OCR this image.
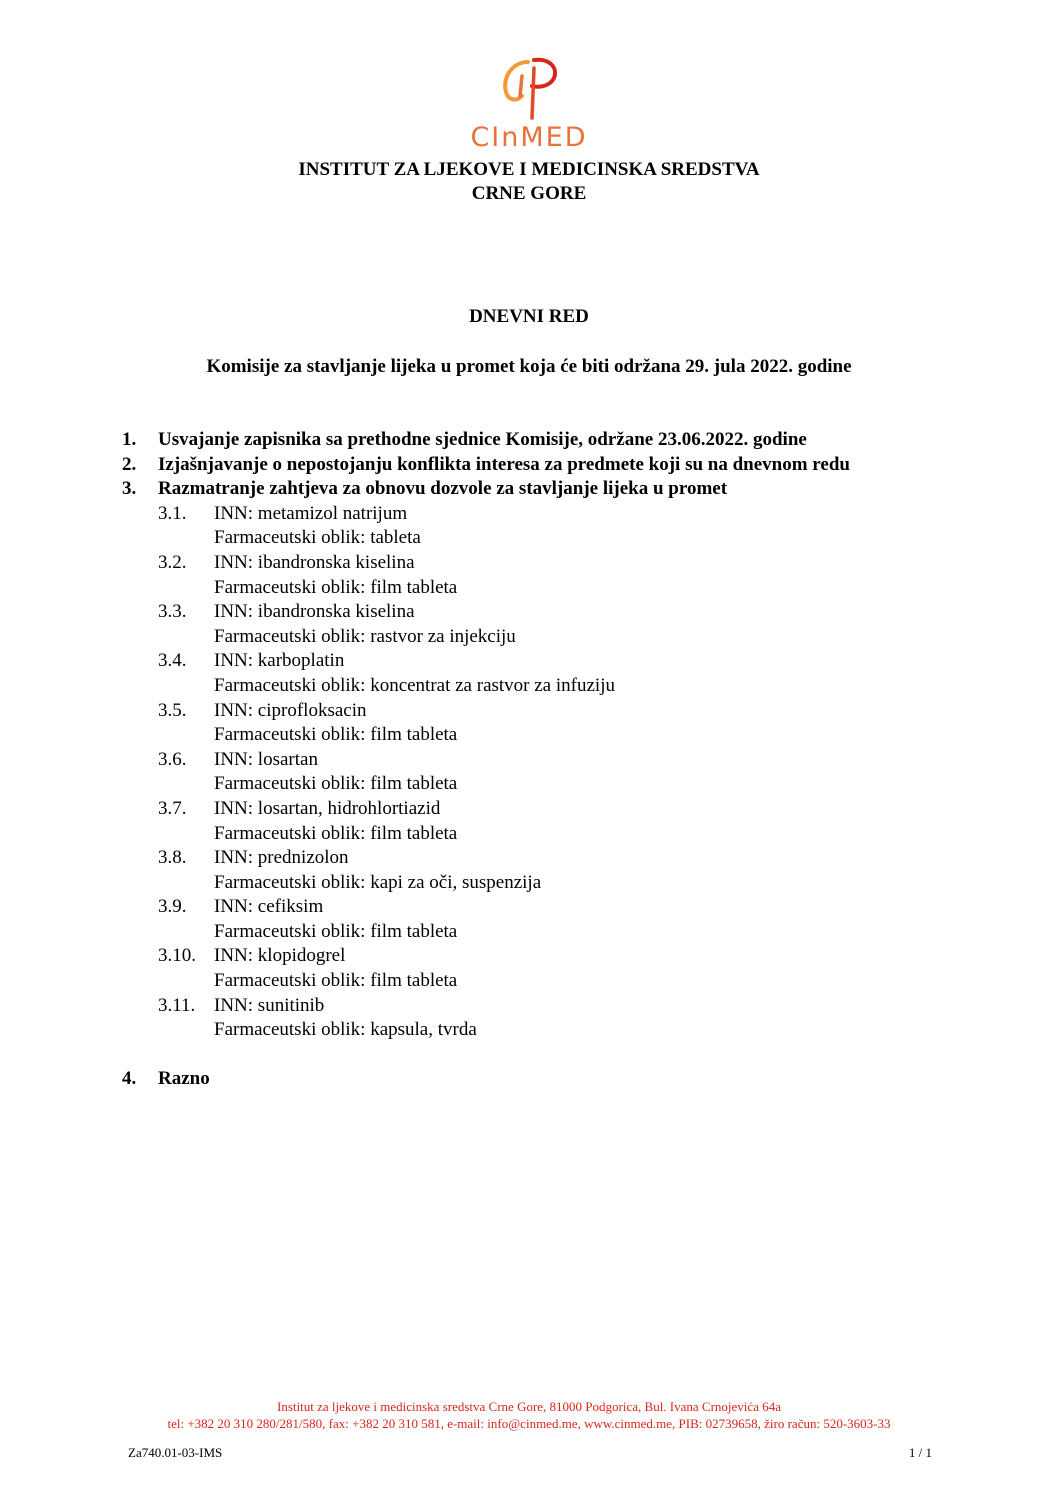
CInMED
INSTITUT ZA LJEKOVE I MEDICINSKA SREDSTVA
CRNE GORE
DNEVNI RED
Komisije za stavljanje lijeka u promet koja će biti održana 29. jula 2022. godine
1. Usvajanje zapisnika sa prethodne sjednice Komisije, održane 23.06.2022. godine
2. Izjašnjavanje o nepostojanju konflikta interesa za predmete koji su na dnevnom redu
3. Razmatranje zahtjeva za obnovu dozvole za stavljanje lijeka u promet
3.1. INN: metamizol natrijum
Farmaceutski oblik: tableta
3.2. INN: ibandronska kiselina
Farmaceutski oblik: film tableta
3.3. INN: ibandronska kiselina
Farmaceutski oblik: rastvor za injekciju
3.4. INN: karboplatin
Farmaceutski oblik: koncentrat za rastvor za infuziju
3.5. INN: ciprofloksacin
Farmaceutski oblik: film tableta
3.6. INN: losartan
Farmaceutski oblik: film tableta
3.7. INN: losartan, hidrohlortiazid
Farmaceutski oblik: film tableta
3.8. INN: prednizolon
Farmaceutski oblik: kapi za oči, suspenzija
3.9. INN: cefiksim
Farmaceutski oblik: film tableta
3.10. INN: klopidogrel
Farmaceutski oblik: film tableta
3.11. INN: sunitinib
Farmaceutski oblik: kapsula, tvrda
4. Razno
Institut za ljekove i medicinska sredstva Crne Gore, 81000 Podgorica, Bul. Ivana Crnojevića 64a
tel: +382 20 310 280/281/580, fax: +382 20 310 581, e-mail: info@cinmed.me, www.cinmed.me, PIB: 02739658, žiro račun: 520-3603-33
Za740.01-03-IMS	1 / 1
